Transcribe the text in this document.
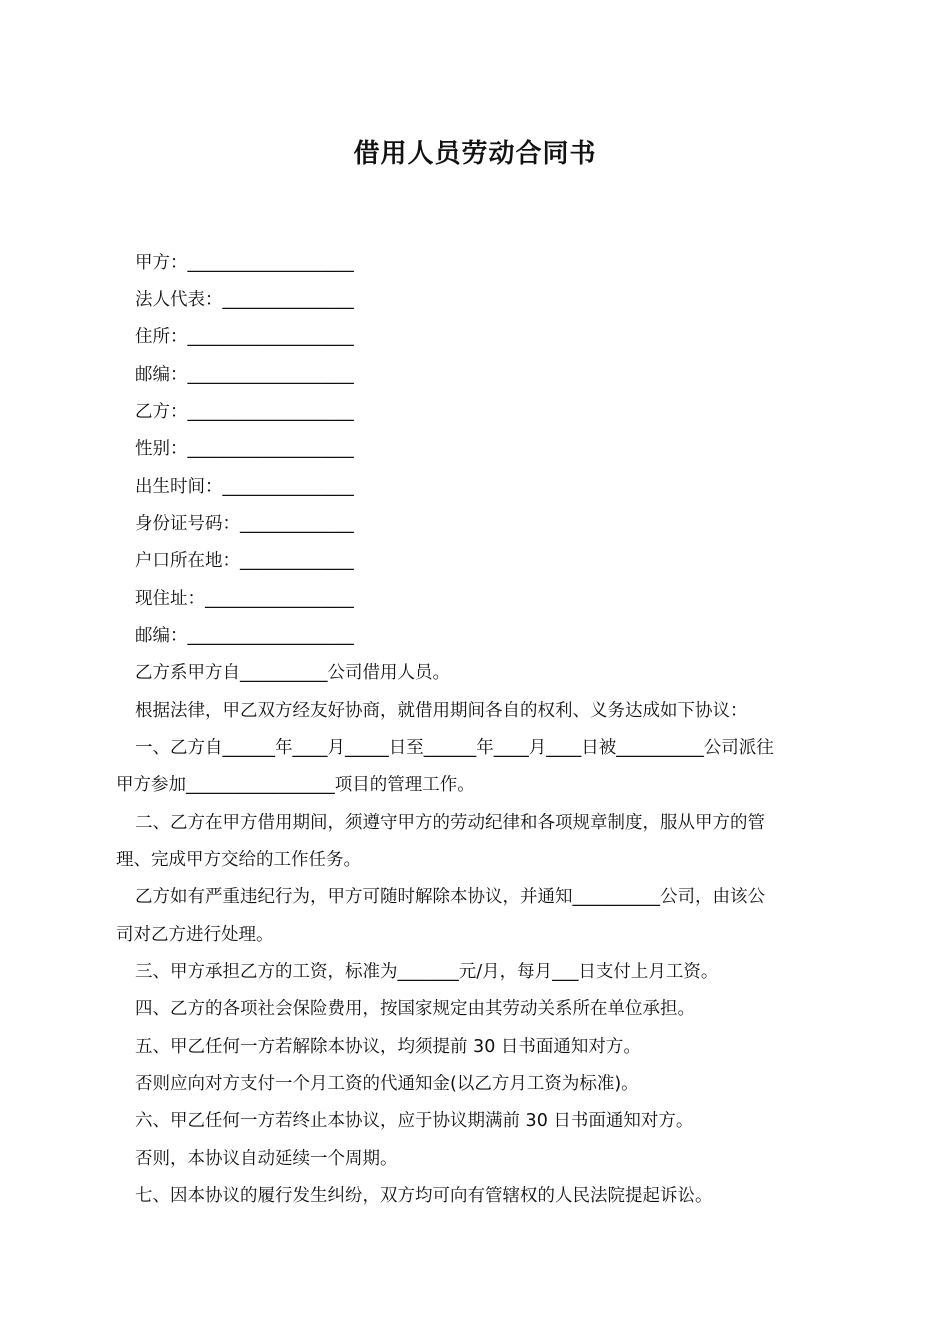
借用人员劳动合同书
甲方：___________________
法人代表：_______________
住所：___________________
邮编：___________________
乙方：___________________
性别：___________________
出生时间：_______________
身份证号码：_____________
户口所在地：_____________
现住址：_________________
邮编：___________________
乙方系甲方自__________公司借用人员。
根据法律，甲乙双方经友好协商，就借用期间各自的权利、义务达成如下协议：
一、乙方自______年____月_____日至______年____月____日被__________公司派往
甲方参加_________________项目的管理工作。
二、乙方在甲方借用期间，须遵守甲方的劳动纪律和各项规章制度，服从甲方的管
理、完成甲方交给的工作任务。
乙方如有严重违纪行为，甲方可随时解除本协议，并通知__________公司，由该公
司对乙方进行处理。
三、甲方承担乙方的工资，标准为_______元/月，每月___日支付上月工资。
四、乙方的各项社会保险费用，按国家规定由其劳动关系所在单位承担。
五、甲乙任何一方若解除本协议，均须提前 30 日书面通知对方。
否则应向对方支付一个月工资的代通知金(以乙方月工资为标准)。
六、甲乙任何一方若终止本协议，应于协议期满前 30 日书面通知对方。
否则，本协议自动延续一个周期。
七、因本协议的履行发生纠纷，双方均可向有管辖权的人民法院提起诉讼。
